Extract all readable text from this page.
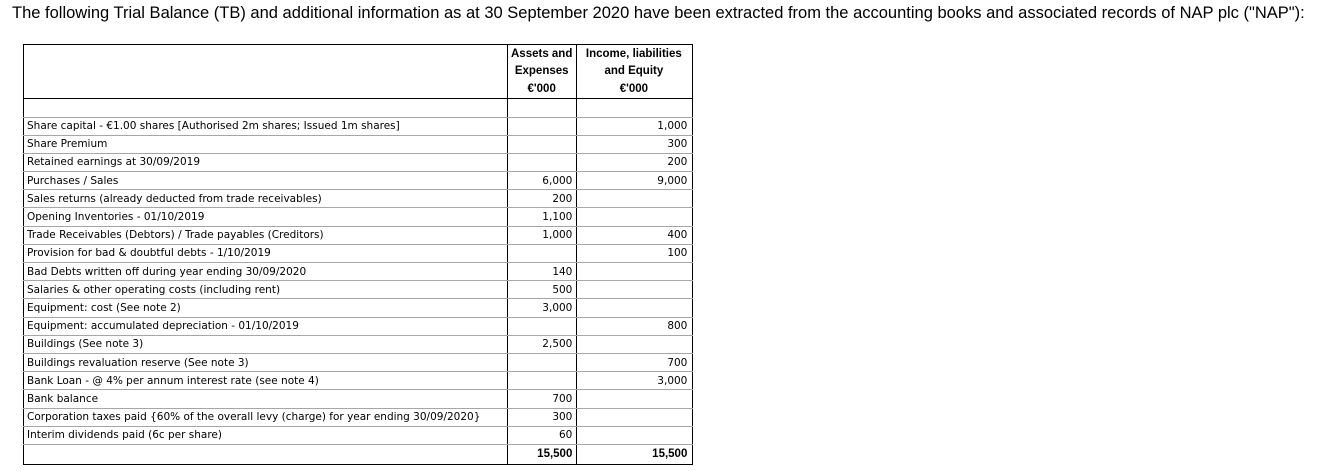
The following Trial Balance (TB) and additional information as at 30 September 2020 have been extracted from the accounting books and associated records of NAP plc ("NAP"):
	Assets and	Income, liabilities
	Expenses	and Equity
	€'000	€'000

Share capital - €1.00 shares [Authorised 2m shares; Issued 1m shares]		1,000
Share Premium		300
Retained earnings at 30/09/2019		200
Purchases / Sales	6,000	9,000
Sales returns (already deducted from trade receivables)	200	
Opening Inventories - 01/10/2019	1,100	
Trade Receivables (Debtors) / Trade payables (Creditors)	1,000	400
Provision for bad & doubtful debts - 1/10/2019		100
Bad Debts written off during year ending 30/09/2020	140	
Salaries & other operating costs (including rent)	500	
Equipment: cost (See note 2)	3,000	
Equipment: accumulated depreciation - 01/10/2019		800
Buildings (See note 3)	2,500	
Buildings revaluation reserve (See note 3)		700
Bank Loan - @ 4% per annum interest rate (see note 4)		3,000
Bank balance	700	
Corporation taxes paid {60% of the overall levy (charge) for year ending 30/09/2020}	300	
Interim dividends paid (6c per share)	60	
	15,500	15,500
